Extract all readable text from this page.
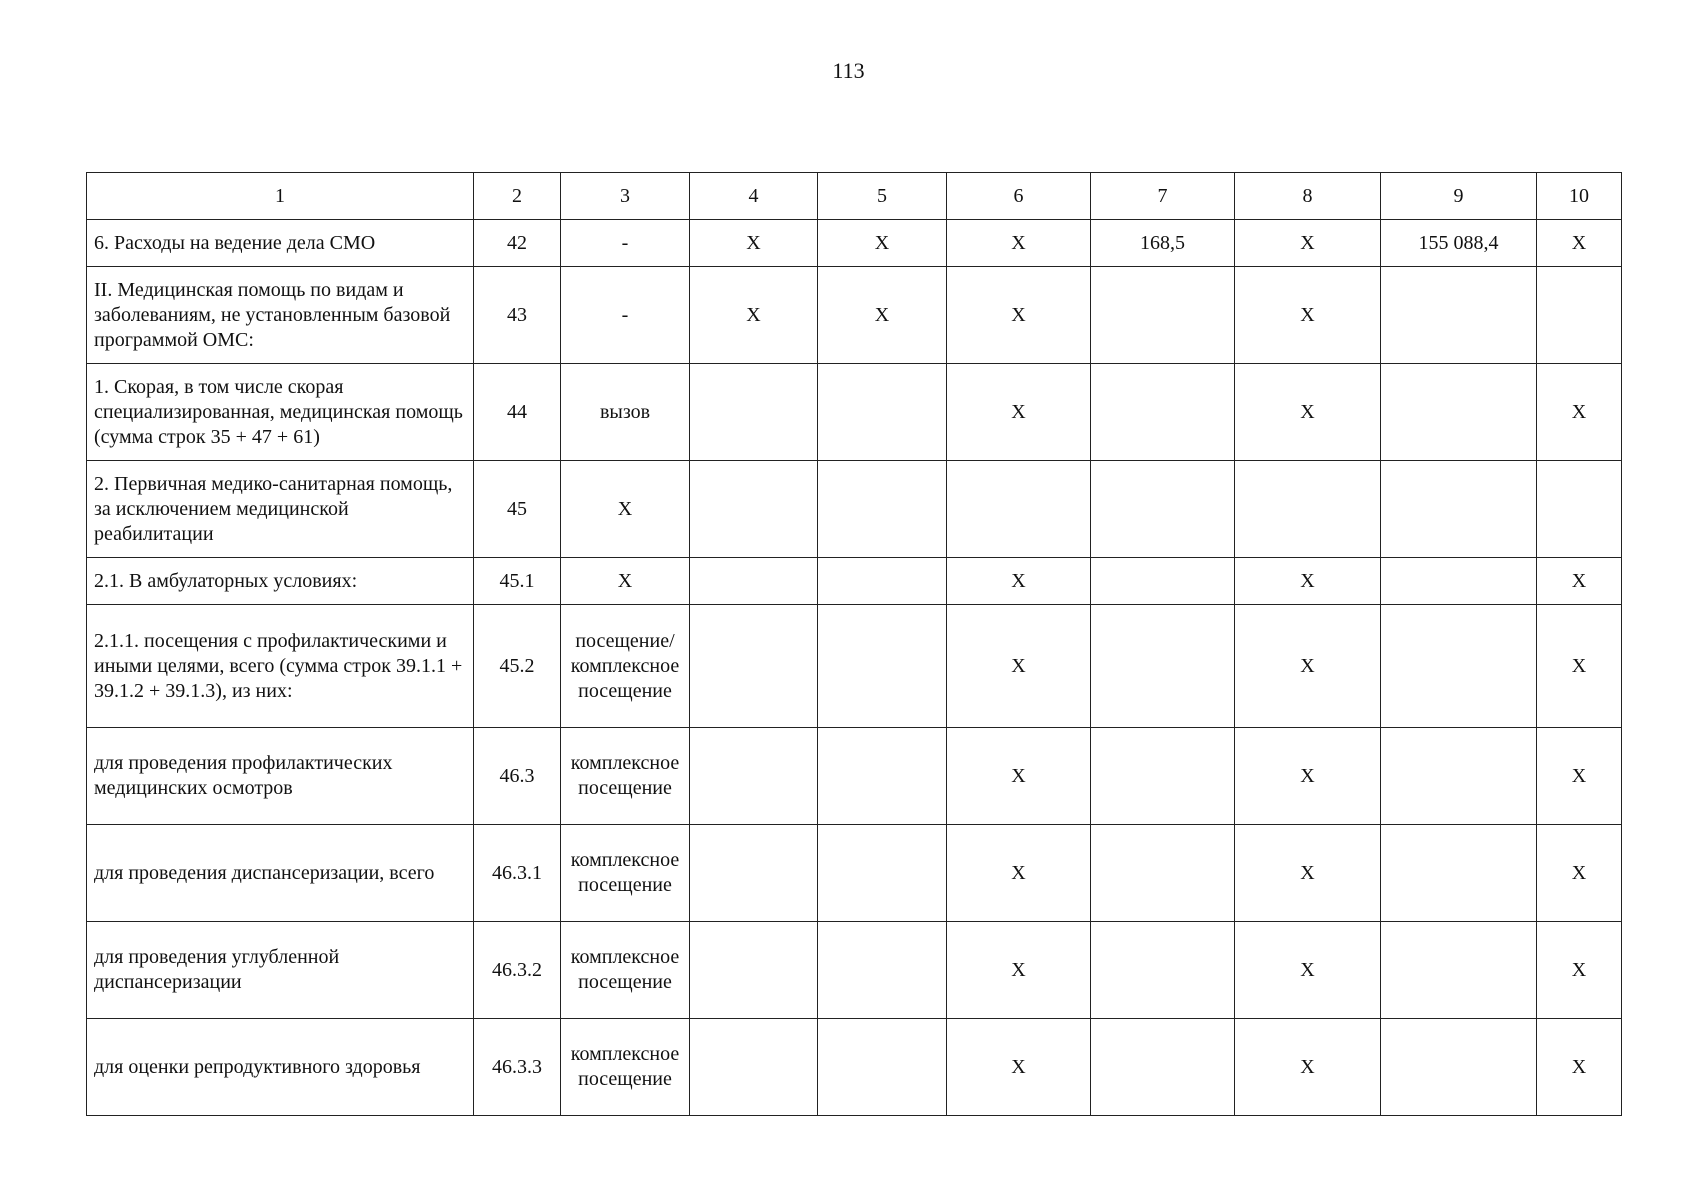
113
1	2	3	4	5	6	7	8	9	10
6. Расходы на ведение дела СМО	42	-	Х	Х	Х	168,5	Х	155 088,4	Х
II. Медицинская помощь по видам и заболеваниям, не установленным базовой программой ОМС:	43	-	Х	Х	Х		Х		
1. Скорая, в том числе скорая специализированная, медицинская помощь (сумма строк 35 + 47 + 61)	44	вызов			Х		Х		Х
2. Первичная медико-санитарная помощь, за исключением медицинской реабилитации	45	Х							
2.1. В амбулаторных условиях:	45.1	Х			Х		Х		Х
2.1.1. посещения с профилактическими и иными целями, всего (сумма строк 39.1.1 + 39.1.2 + 39.1.3), из них:	45.2	посещение/ комплексное посещение			Х		Х		Х
для проведения профилактических медицинских осмотров	46.3	комплексное посещение			Х		Х		Х
для проведения диспансеризации, всего	46.3.1	комплексное посещение			Х		Х		Х
для проведения углубленной диспансеризации	46.3.2	комплексное посещение			Х		Х		Х
для оценки репродуктивного здоровья	46.3.3	комплексное посещение			Х		Х		Х
